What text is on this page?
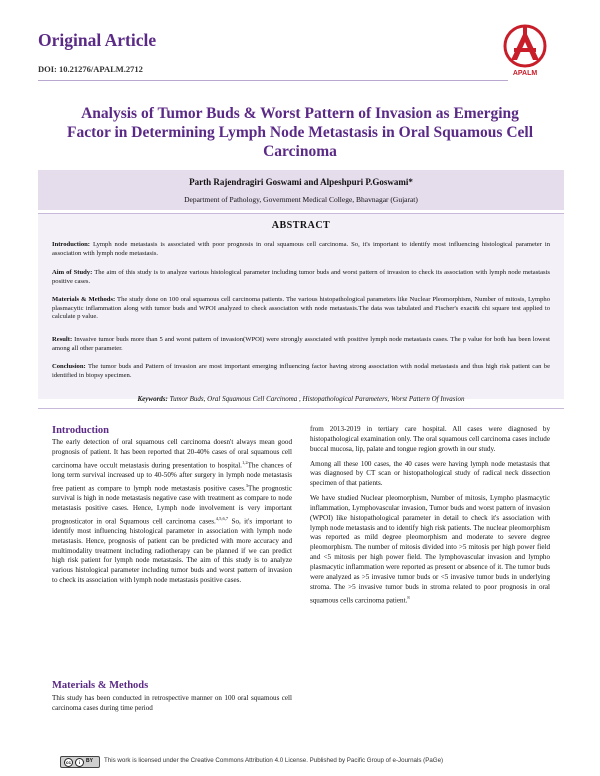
Original Article
DOI: 10.21276/APALM.2712	APALM
Analysis of Tumor Buds & Worst Pattern of Invasion as Emerging Factor in Determining Lymph Node Metastasis in Oral Squamous Cell Carcinoma
Parth Rajendragiri Goswami and Alpeshpuri P.Goswami*
Department of Pathology, Government Medical College, Bhavnagar (Gujarat)
ABSTRACT
Introduction: Lymph node metastasis is associated with poor prognosis in oral squamous cell carcinoma. So, it's important to identify most influencing histological parameter in association with lymph node metastasis.
Aim of Study: The aim of this study is to analyze various histological parameter including tumor buds and worst pattern of invasion to check its association with lymph node metastasis positive cases.
Materials & Methods: The study done on 100 oral squamous cell carcinoma patients. The various histopathological parameters like Nuclear Pleomorphism, Number of mitosis, Lympho plasmacytic inflammation along with tumor buds and WPOI analyzed to check association with node metastasis.The data was tabulated and Fischer's exact& chi square test applied to calculate p value.
Result: Invasive tumor buds more than 5 and worst pattern of invasion(WPOI) were strongly associated with positive lymph node metastasis cases. The p value for both has been lowest among all other parameter.
Conclusion: The tumor buds and Pattern of invasion are most important emerging influencing factor having strong association with nodal metastasis and thus high risk patient can be identified in biopsy specimen.
Keywords: Tumor Buds, Oral Squamous Cell Carcinoma , Histopathological Parameters, Worst Pattern Of Invasion
Introduction

The early detection of oral squamous cell carcinoma doesn't always mean good prognosis of patient. It has been reported that 20-40% cases of oral squamous cell carcinoma have occult metastasis during presentation to hospital.$^{1,2}$The chances of long term survival increased up to 40-50% after surgery in lymph node metastasis free patient as compare to lymph node metastasis positive cases.$^3$The prognostic survival is high in node metastasis negative case with treatment as compare to node metastasis positive cases. Hence, Lymph node involvement is very important prognosticator in oral Squamous cell carcinoma cases.$^{4,5,6,7}$ So, it's important to identify most influencing histological parameter in association with lymph node metastasis. Hence, prognosis of patient can be predicted with more accuracy and multimodality treatment including radiotherapy can be planned if we can predict high risk patient for lymph node metastasis. The aim of this study is to analyze various histological parameter including tumor buds and worst pattern of invasion to check its association with lymph node metastasis positive cases.

Materials & Methods

This study has been conducted in retrospective manner on 100 oral squamous cell carcinoma cases during time period

from 2013-2019 in tertiary care hospital. All cases were diagnosed by histopathological examination only. The oral squamous cell carcinoma cases include buccal mucosa, lip, palate and tongue region growth in our study.

Among all these 100 cases, the 40 cases were having lymph node metastasis that was diagnosed by CT scan or histopathological study of radical neck dissection specimen of that patients.

We have studied Nuclear pleomorphism, Number of mitosis, Lympho plasmacytic inflammation, Lymphovascular invasion, Tumor buds and worst pattern of invasion (WPOI) like histopathological parameter in detail to check it's association with lymph node metastasis and to identify high risk patients. The nuclear pleomorphism was reported as mild degree pleomorphism and moderate to severe degree pleomorphism. The number of mitosis divided into >5 mitosis per high power field and <5 mitosis per high power field. The lymphovascular invasion and lympho plasmacytic inflammation were reported as present or absence of it. The tumor buds were analyzed as >5 invasive tumor buds or <5 invasive tumor buds in underlying stroma. The >5 invasive tumor buds in stroma related to poor prognosis in oral squamous cells carcinoma patient.$^8$

cc	i	BY This work is licensed under the Creative Commons Attribution 4.0 License. Published by Pacific Group of e-Journals (PaGe)
